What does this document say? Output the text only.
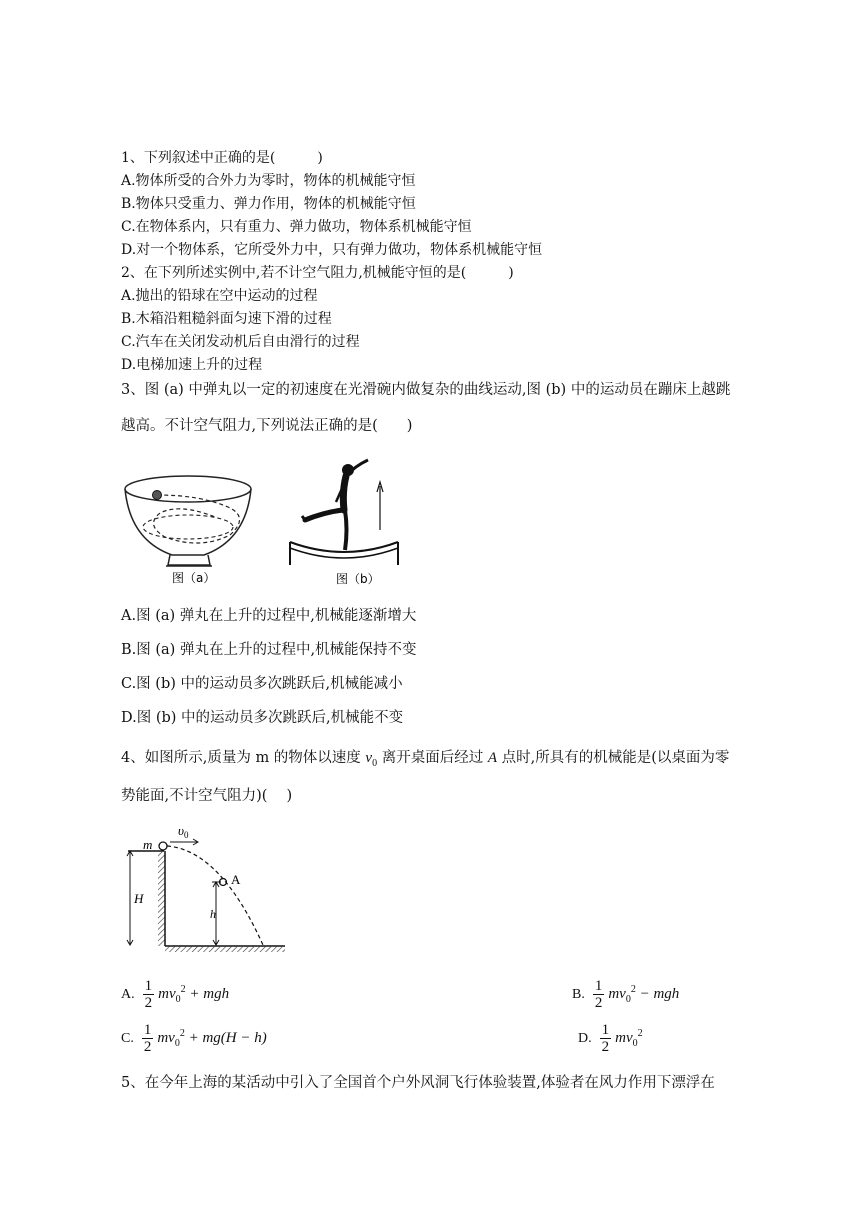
1、下列叙述中正确的是(　　　)
A.物体所受的合外力为零时，物体的机械能守恒
B.物体只受重力、弹力作用，物体的机械能守恒
C.在物体系内，只有重力、弹力做功，物体系机械能守恒
D.对一个物体系，它所受外力中，只有弹力做功，物体系机械能守恒
2、在下列所述实例中,若不计空气阻力,机械能守恒的是(　　　)
A.抛出的铅球在空中运动的过程
B.木箱沿粗糙斜面匀速下滑的过程
C.汽车在关闭发动机后自由滑行的过程
D.电梯加速上升的过程
3、图 (a) 中弹丸以一定的初速度在光滑碗内做复杂的曲线运动,图 (b) 中的运动员在蹦床上越跳
越高。不计空气阻力,下列说法正确的是(　　)
图（a）	图（b）
A.图 (a) 弹丸在上升的过程中,机械能逐渐增大
B.图 (a) 弹丸在上升的过程中,机械能保持不变
C.图 (b) 中的运动员多次跳跃后,机械能减小
D.图 (b) 中的运动员多次跳跃后,机械能不变
4、如图所示,质量为 m 的物体以速度 $v_0$ 离开桌面后经过 A 点时,所具有的机械能是(以桌面为零
势能面,不计空气阻力)(　 )
H
m
$\upsilon_0$
A
h
A. $\frac{1}{2} mv_0^2$ + mgh	B. $\frac{1}{2} mv_0^2$ − mgh
C. $\frac{1}{2} mv_0^2 + mg(H - h)$	D. $\frac{1}{2} mv_0^2$
5、在今年上海的某活动中引入了全国首个户外风洞飞行体验装置,体验者在风力作用下漂浮在
